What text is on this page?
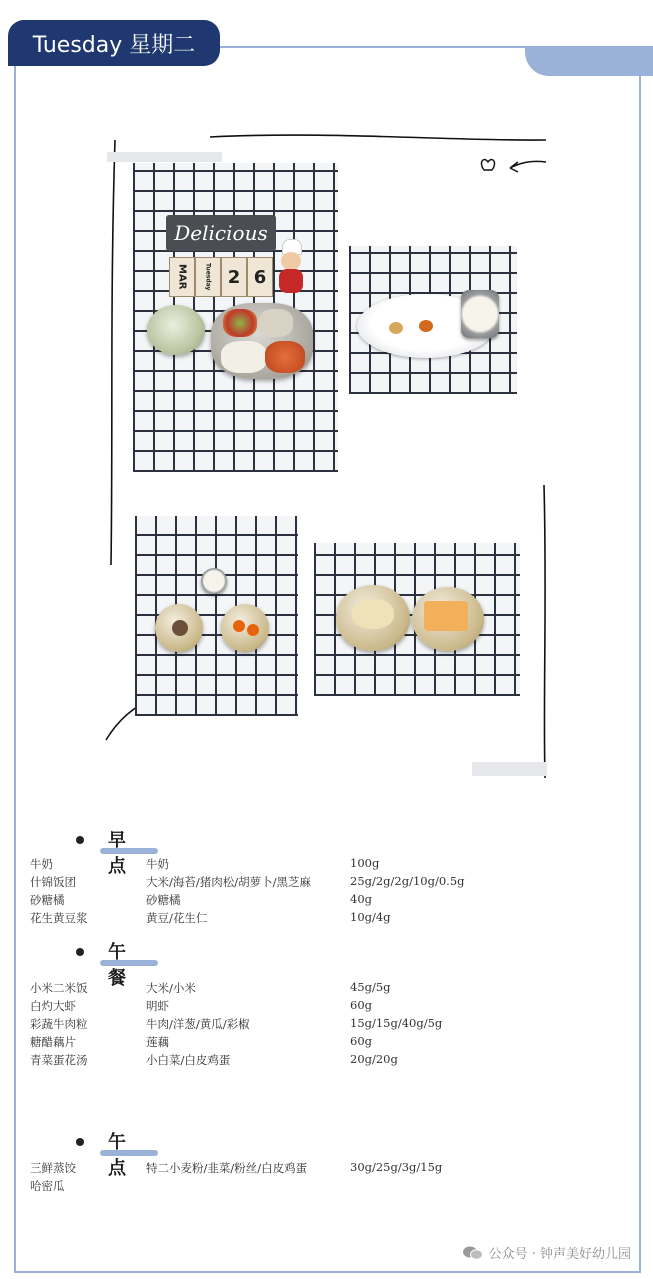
Tuesday 星期二
Delicious
MAR	Tuesday 2 6
早点
牛奶	牛奶	100g
什锦饭团	大米/海苔/猪肉松/胡萝卜/黑芝麻	25g/2g/2g/10g/0.5g
砂糖橘	砂糖橘	40g
花生黄豆浆	黄豆/花生仁	10g/4g
午餐
小米二米饭	大米/小米	45g/5g
白灼大虾	明虾	60g
彩蔬牛肉粒	牛肉/洋葱/黄瓜/彩椒	15g/15g/40g/5g
糖醋藕片	莲藕	60g
青菜蛋花汤	小白菜/白皮鸡蛋	20g/20g
午点
三鲜蒸饺	特二小麦粉/韭菜/粉丝/白皮鸡蛋	30g/25g/3g/15g
哈密瓜
公众号 · 钟声美好幼儿园
